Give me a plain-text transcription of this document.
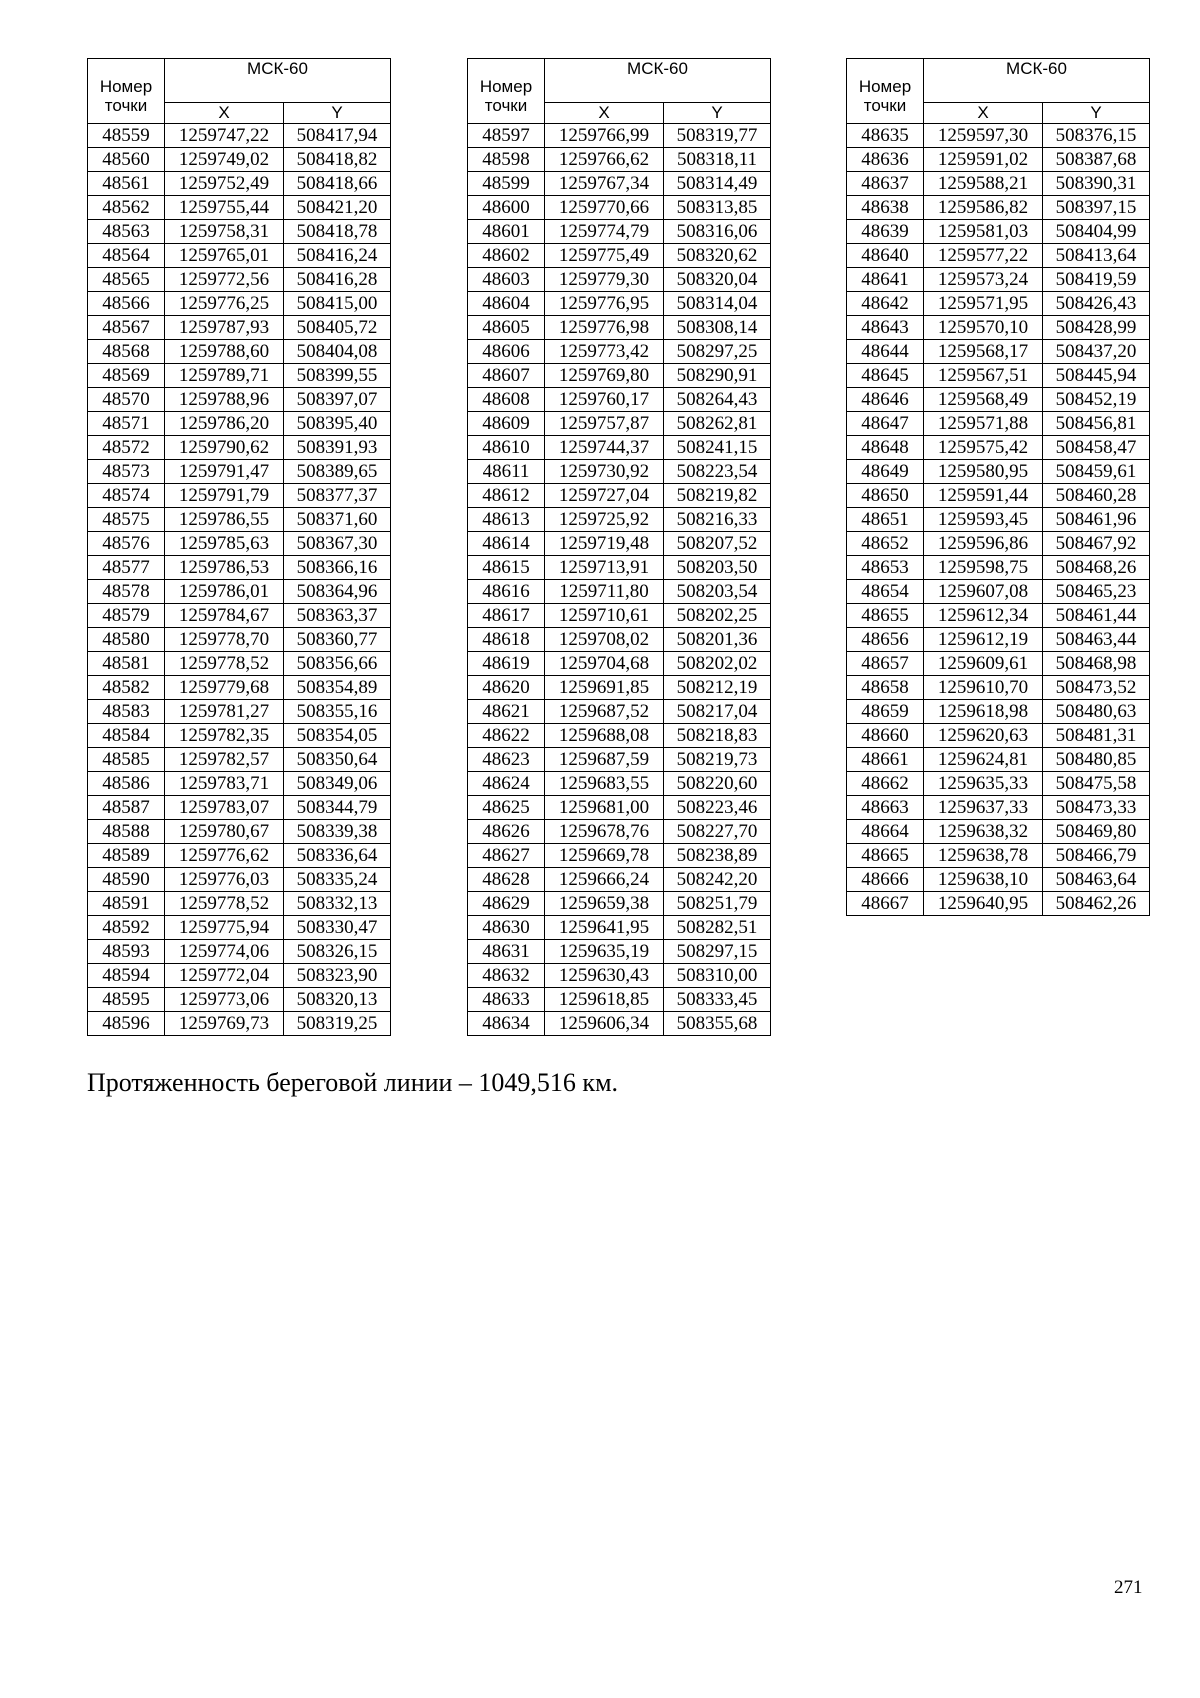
Номер точки	МСК-60	
	X	Y
48559	1259747,22	508417,94
48560	1259749,02	508418,82
48561	1259752,49	508418,66
48562	1259755,44	508421,20
48563	1259758,31	508418,78
48564	1259765,01	508416,24
48565	1259772,56	508416,28
48566	1259776,25	508415,00
48567	1259787,93	508405,72
48568	1259788,60	508404,08
48569	1259789,71	508399,55
48570	1259788,96	508397,07
48571	1259786,20	508395,40
48572	1259790,62	508391,93
48573	1259791,47	508389,65
48574	1259791,79	508377,37
48575	1259786,55	508371,60
48576	1259785,63	508367,30
48577	1259786,53	508366,16
48578	1259786,01	508364,96
48579	1259784,67	508363,37
48580	1259778,70	508360,77
48581	1259778,52	508356,66
48582	1259779,68	508354,89
48583	1259781,27	508355,16
48584	1259782,35	508354,05
48585	1259782,57	508350,64
48586	1259783,71	508349,06
48587	1259783,07	508344,79
48588	1259780,67	508339,38
48589	1259776,62	508336,64
48590	1259776,03	508335,24
48591	1259778,52	508332,13
48592	1259775,94	508330,47
48593	1259774,06	508326,15
48594	1259772,04	508323,90
48595	1259773,06	508320,13
48596	1259769,73	508319,25
Номер точки	МСК-60	
	X	Y
48597	1259766,99	508319,77
48598	1259766,62	508318,11
48599	1259767,34	508314,49
48600	1259770,66	508313,85
48601	1259774,79	508316,06
48602	1259775,49	508320,62
48603	1259779,30	508320,04
48604	1259776,95	508314,04
48605	1259776,98	508308,14
48606	1259773,42	508297,25
48607	1259769,80	508290,91
48608	1259760,17	508264,43
48609	1259757,87	508262,81
48610	1259744,37	508241,15
48611	1259730,92	508223,54
48612	1259727,04	508219,82
48613	1259725,92	508216,33
48614	1259719,48	508207,52
48615	1259713,91	508203,50
48616	1259711,80	508203,54
48617	1259710,61	508202,25
48618	1259708,02	508201,36
48619	1259704,68	508202,02
48620	1259691,85	508212,19
48621	1259687,52	508217,04
48622	1259688,08	508218,83
48623	1259687,59	508219,73
48624	1259683,55	508220,60
48625	1259681,00	508223,46
48626	1259678,76	508227,70
48627	1259669,78	508238,89
48628	1259666,24	508242,20
48629	1259659,38	508251,79
48630	1259641,95	508282,51
48631	1259635,19	508297,15
48632	1259630,43	508310,00
48633	1259618,85	508333,45
48634	1259606,34	508355,68
Номер точки	МСК-60	
	X	Y
48635	1259597,30	508376,15
48636	1259591,02	508387,68
48637	1259588,21	508390,31
48638	1259586,82	508397,15
48639	1259581,03	508404,99
48640	1259577,22	508413,64
48641	1259573,24	508419,59
48642	1259571,95	508426,43
48643	1259570,10	508428,99
48644	1259568,17	508437,20
48645	1259567,51	508445,94
48646	1259568,49	508452,19
48647	1259571,88	508456,81
48648	1259575,42	508458,47
48649	1259580,95	508459,61
48650	1259591,44	508460,28
48651	1259593,45	508461,96
48652	1259596,86	508467,92
48653	1259598,75	508468,26
48654	1259607,08	508465,23
48655	1259612,34	508461,44
48656	1259612,19	508463,44
48657	1259609,61	508468,98
48658	1259610,70	508473,52
48659	1259618,98	508480,63
48660	1259620,63	508481,31
48661	1259624,81	508480,85
48662	1259635,33	508475,58
48663	1259637,33	508473,33
48664	1259638,32	508469,80
48665	1259638,78	508466,79
48666	1259638,10	508463,64
48667	1259640,95	508462,26
Протяженность береговой линии – 1049,516 км.
271
